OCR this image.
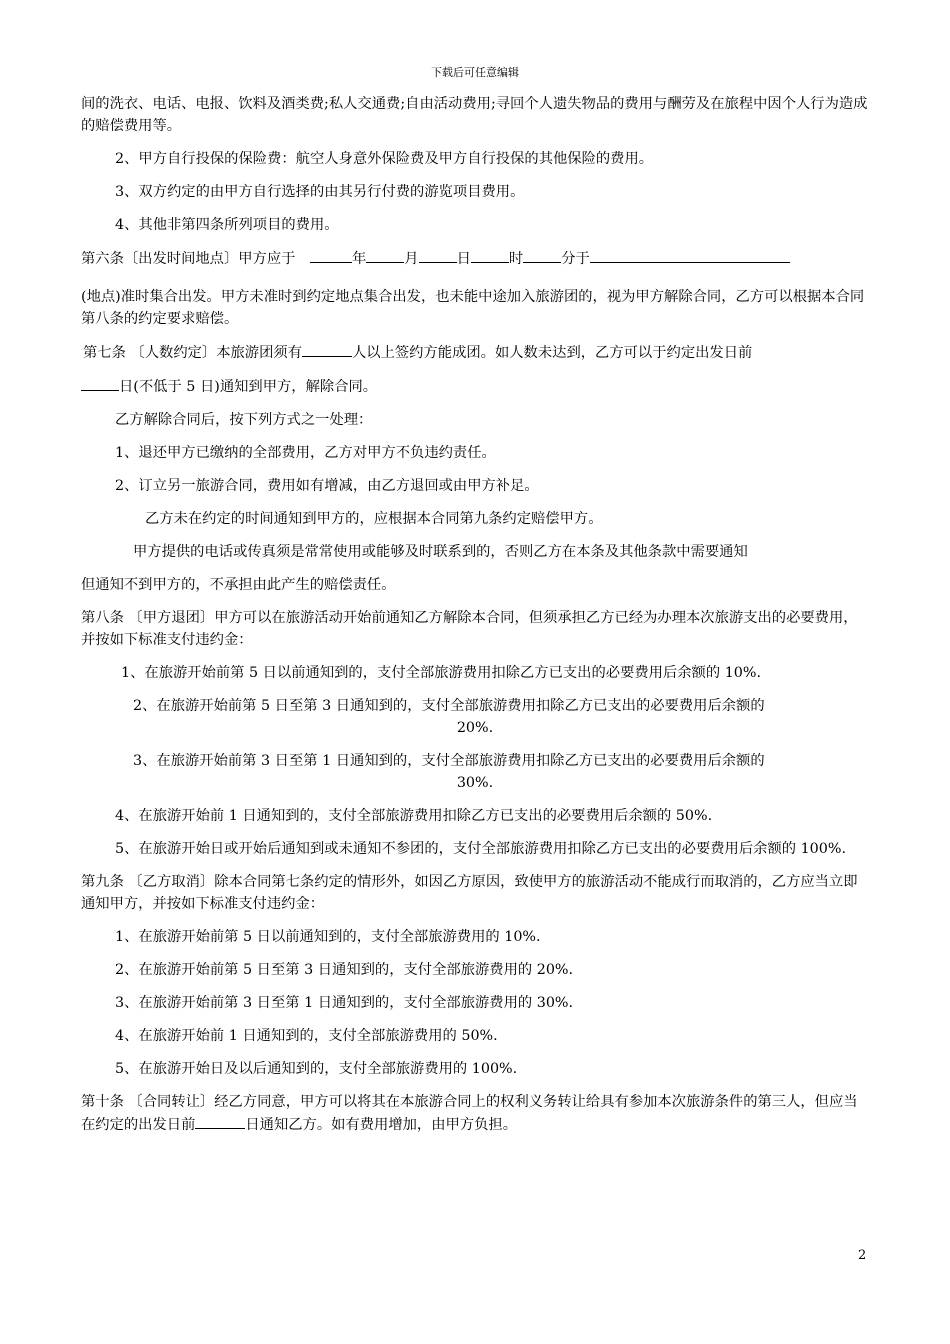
下载后可任意编辑

间的洗衣、电话、电报、饮料及酒类费;私人交通费;自由活动费用;寻回个人遗失物品的费用与酬劳及在旅程中因个人行为造成的赔偿费用等。

2、甲方自行投保的保险费：航空人身意外保险费及甲方自行投保的其他保险的费用。

3、双方约定的由甲方自行选择的由其另行付费的游览项目费用。

4、其他非第四条所列项目的费用。

第六条〔出发时间地点〕甲方应于	年	月	日	时	分于

(地点)准时集合出发。甲方未准时到约定地点集合出发，也未能中途加入旅游团的，视为甲方解除合同，乙方可以根据本合同第八条的约定要求赔偿。

第七条 〔人数约定〕本旅游团须有	人以上签约方能成团。如人数未达到，乙方可以于约定出发日前

日(不低于 5 日)通知到甲方，解除合同。

乙方解除合同后，按下列方式之一处理：

1、退还甲方已缴纳的全部费用，乙方对甲方不负违约责任。

2、订立另一旅游合同，费用如有增减，由乙方退回或由甲方补足。

乙方未在约定的时间通知到甲方的，应根据本合同第九条约定赔偿甲方。

甲方提供的电话或传真须是常常使用或能够及时联系到的，否则乙方在本条及其他条款中需要通知

但通知不到甲方的，不承担由此产生的赔偿责任。

第八条 〔甲方退团〕甲方可以在旅游活动开始前通知乙方解除本合同，但须承担乙方已经为办理本次旅游支出的必要费用，并按如下标准支付违约金：

1、在旅游开始前第 5 日以前通知到的，支付全部旅游费用扣除乙方已支出的必要费用后余额的 10%.

2、在旅游开始前第 5 日至第 3 日通知到的，支付全部旅游费用扣除乙方已支出的必要费用后余额的

20%.

3、在旅游开始前第 3 日至第 1 日通知到的，支付全部旅游费用扣除乙方已支出的必要费用后余额的

30%.

4、在旅游开始前 1 日通知到的，支付全部旅游费用扣除乙方已支出的必要费用后余额的 50%.

5、在旅游开始日或开始后通知到或未通知不参团的，支付全部旅游费用扣除乙方已支出的必要费用后余额的 100%.

第九条 〔乙方取消〕除本合同第七条约定的情形外，如因乙方原因，致使甲方的旅游活动不能成行而取消的，乙方应当立即通知甲方，并按如下标准支付违约金：

1、在旅游开始前第 5 日以前通知到的，支付全部旅游费用的 10%.

2、在旅游开始前第 5 日至第 3 日通知到的，支付全部旅游费用的 20%.

3、在旅游开始前第 3 日至第 1 日通知到的，支付全部旅游费用的 30%.

4、在旅游开始前 1 日通知到的，支付全部旅游费用的 50%.

5、在旅游开始日及以后通知到的，支付全部旅游费用的 100%.

第十条 〔合同转让〕经乙方同意，甲方可以将其在本旅游合同上的权利义务转让给具有参加本次旅游条件的第三人，但应当在约定的出发日前	日通知乙方。如有费用增加，由甲方负担。

2
